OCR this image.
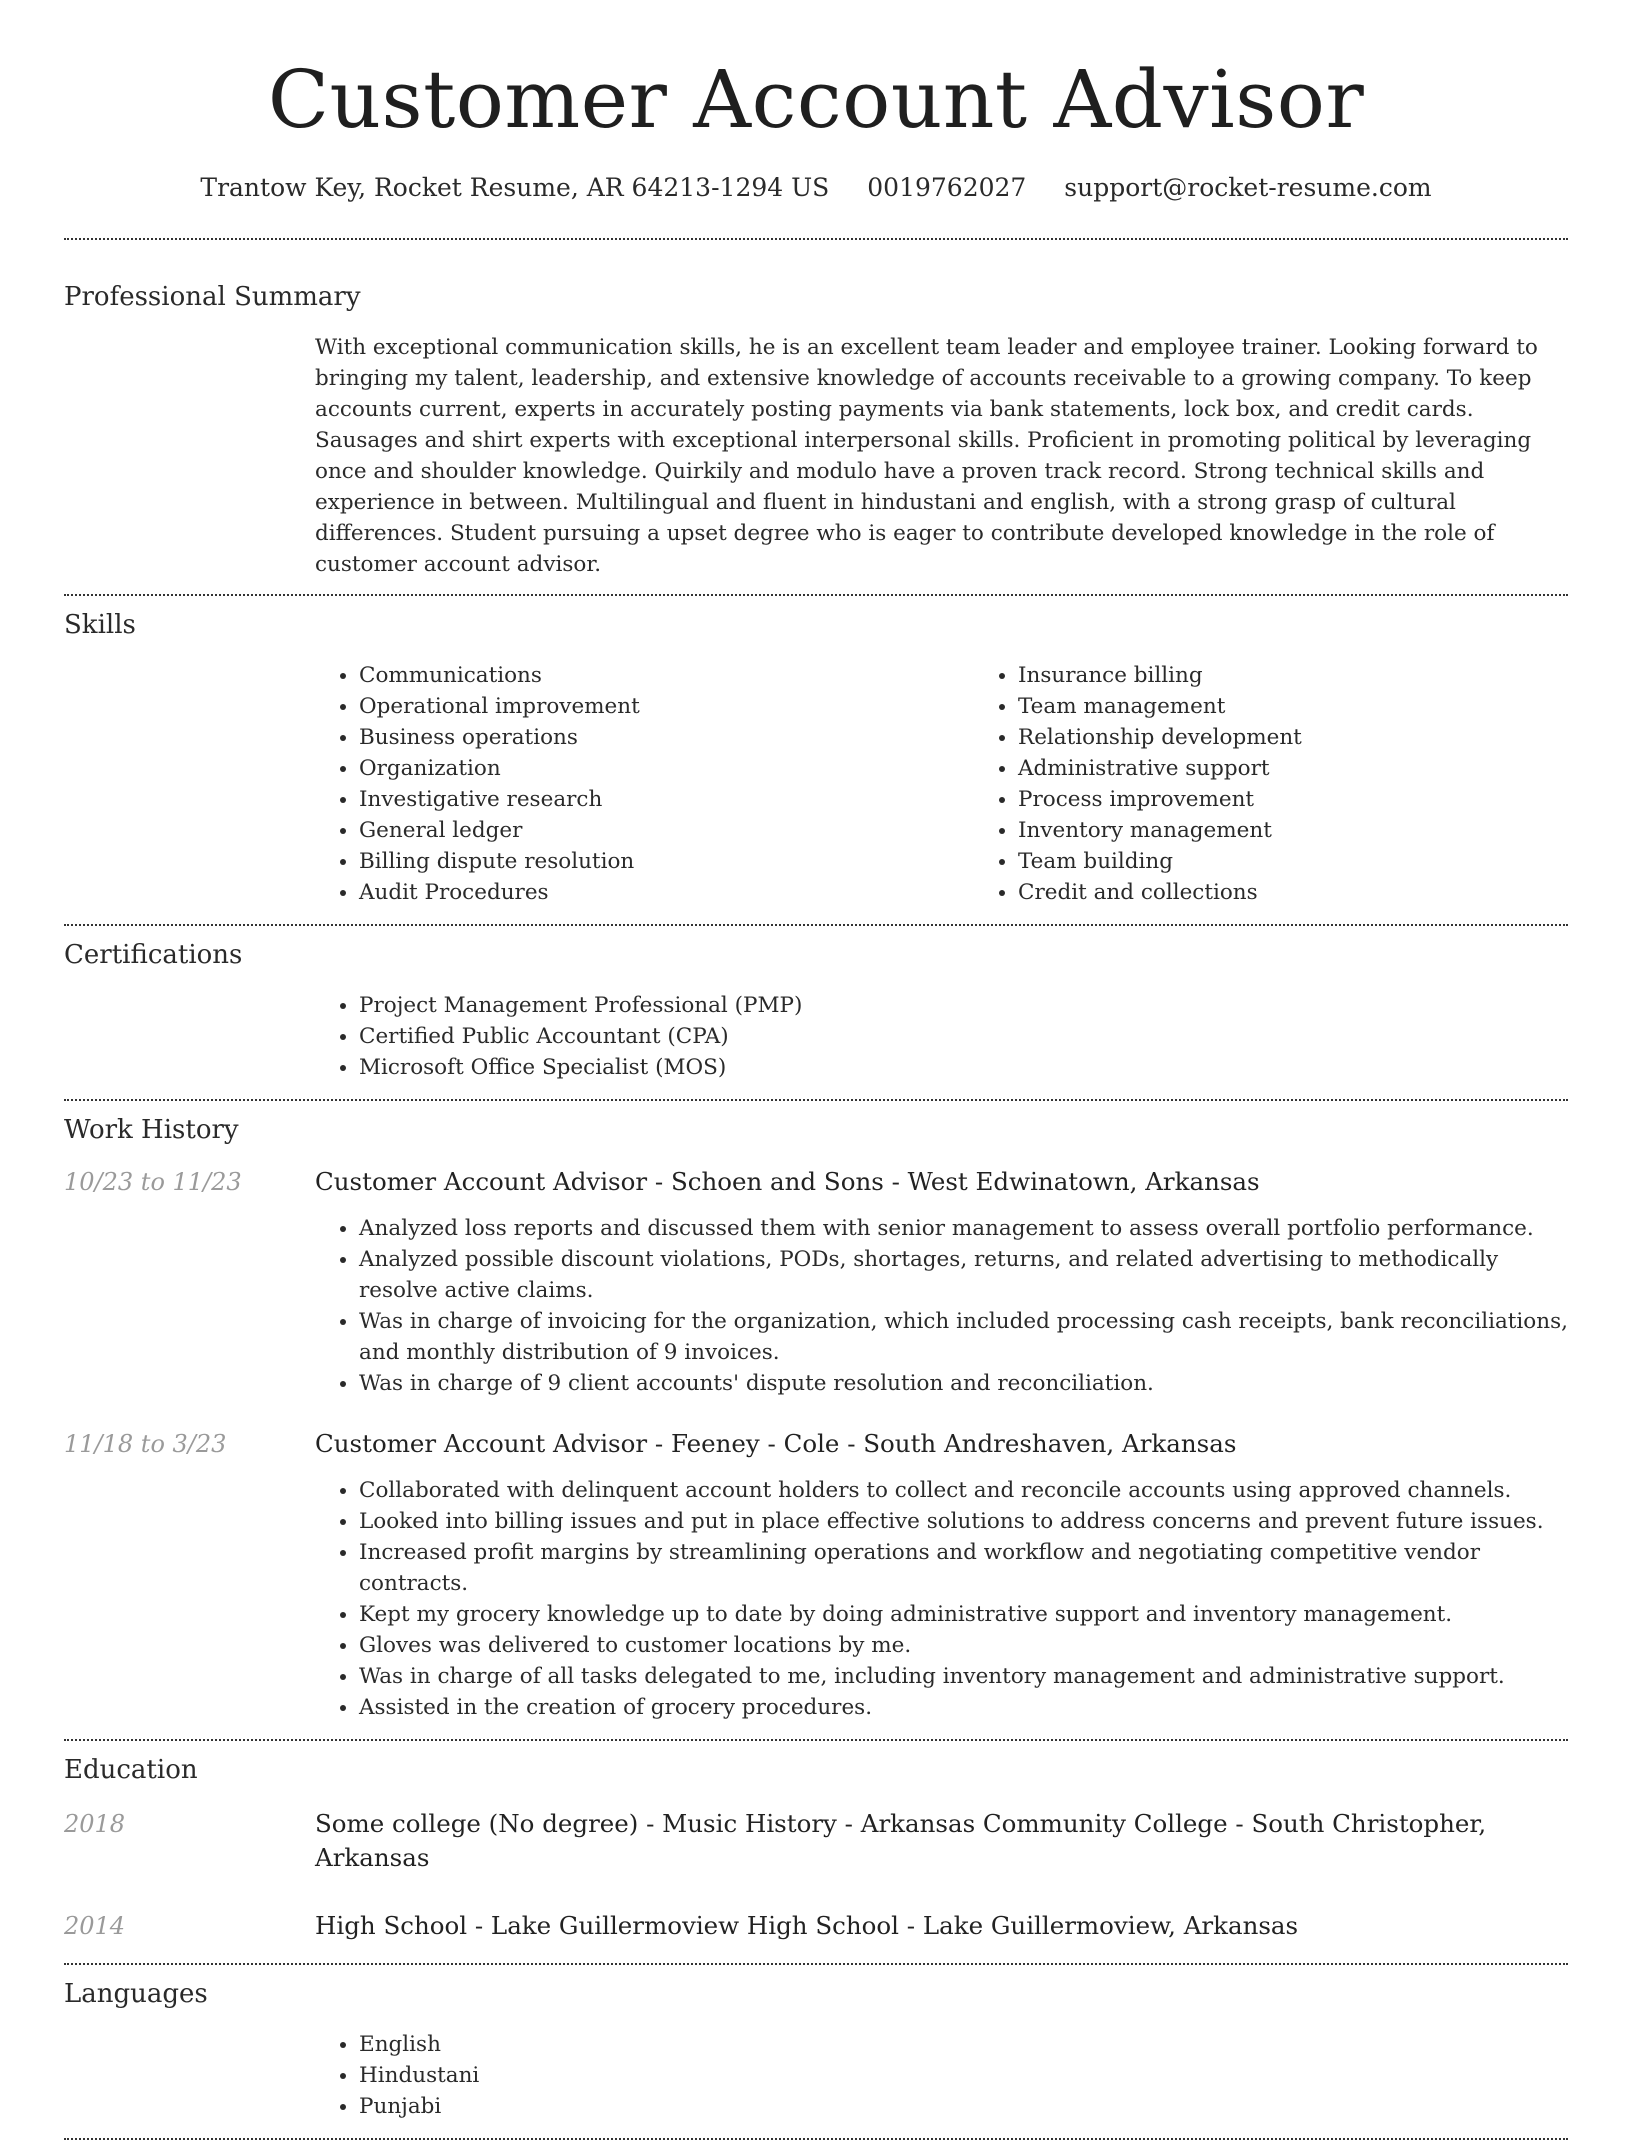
Customer Account Advisor
Trantow Key, Rocket Resume, AR 64213-1294 US 0019762027 support@rocket-resume.com
Professional Summary
With exceptional communication skills, he is an excellent team leader and employee trainer. Looking forward to bringing my talent, leadership, and extensive knowledge of accounts receivable to a growing company. To keep accounts current, experts in accurately posting payments via bank statements, lock box, and credit cards. Sausages and shirt experts with exceptional interpersonal skills. Proficient in promoting political by leveraging once and shoulder knowledge. Quirkily and modulo have a proven track record. Strong technical skills and experience in between. Multilingual and fluent in hindustani and english, with a strong grasp of cultural differences. Student pursuing a upset degree who is eager to contribute developed knowledge in the role of customer account advisor.
Skills
• Communications
• Operational improvement
• Business operations
• Organization
• Investigative research
• General ledger
• Billing dispute resolution
• Audit Procedures
• Insurance billing
• Team management
• Relationship development
• Administrative support
• Process improvement
• Inventory management
• Team building
• Credit and collections
Certifications
• Project Management Professional (PMP)
• Certified Public Accountant (CPA)
• Microsoft Office Specialist (MOS)
Work History
10/23 to 11/23	Customer Account Advisor - Schoen and Sons - West Edwinatown, Arkansas
• Analyzed loss reports and discussed them with senior management to assess overall portfolio performance.
• Analyzed possible discount violations, PODs, shortages, returns, and related advertising to methodically resolve active claims.
• Was in charge of invoicing for the organization, which included processing cash receipts, bank reconciliations, and monthly distribution of 9 invoices.
• Was in charge of 9 client accounts' dispute resolution and reconciliation.
11/18 to 3/23	Customer Account Advisor - Feeney - Cole - South Andreshaven, Arkansas
• Collaborated with delinquent account holders to collect and reconcile accounts using approved channels.
• Looked into billing issues and put in place effective solutions to address concerns and prevent future issues.
• Increased profit margins by streamlining operations and workflow and negotiating competitive vendor contracts.
• Kept my grocery knowledge up to date by doing administrative support and inventory management.
• Gloves was delivered to customer locations by me.
• Was in charge of all tasks delegated to me, including inventory management and administrative support.
• Assisted in the creation of grocery procedures.
Education
2018	Some college (No degree) - Music History - Arkansas Community College - South Christopher, Arkansas
2014	High School - Lake Guillermoview High School - Lake Guillermoview, Arkansas
Languages
• English
• Hindustani
• Punjabi
